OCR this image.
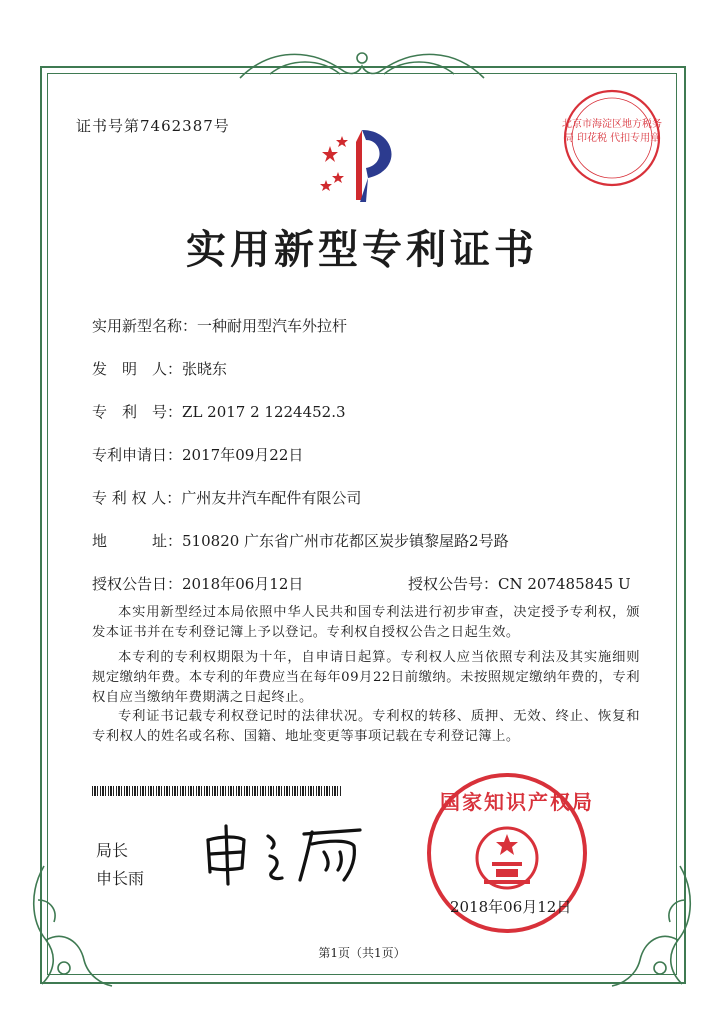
证书号第7462387号	北京市海淀区地方税务局 印花税 代扣专用章
实用新型专利证书
实用新型名称：一种耐用型汽车外拉杆
发　明　人：张晓东
专　利　号：ZL 2017 2 1224452.3
专利申请日：2017年09月22日
专 利 权 人：广州友井汽车配件有限公司
地　　　址：510820 广东省广州市花都区炭步镇黎屋路2号路
授权公告日：2018年06月12日	授权公告号：CN 207485845 U
本实用新型经过本局依照中华人民共和国专利法进行初步审查，决定授予专利权，颁发本证书并在专利登记簿上予以登记。专利权自授权公告之日起生效。
本专利的专利权期限为十年，自申请日起算。专利权人应当依照专利法及其实施细则规定缴纳年费。本专利的年费应当在每年09月22日前缴纳。未按照规定缴纳年费的，专利权自应当缴纳年费期满之日起终止。
专利证书记载专利权登记时的法律状况。专利权的转移、质押、无效、终止、恢复和专利权人的姓名或名称、国籍、地址变更等事项记载在专利登记簿上。
局长
申长雨
国家知识产权局
2018年06月12日
第1页（共1页）
